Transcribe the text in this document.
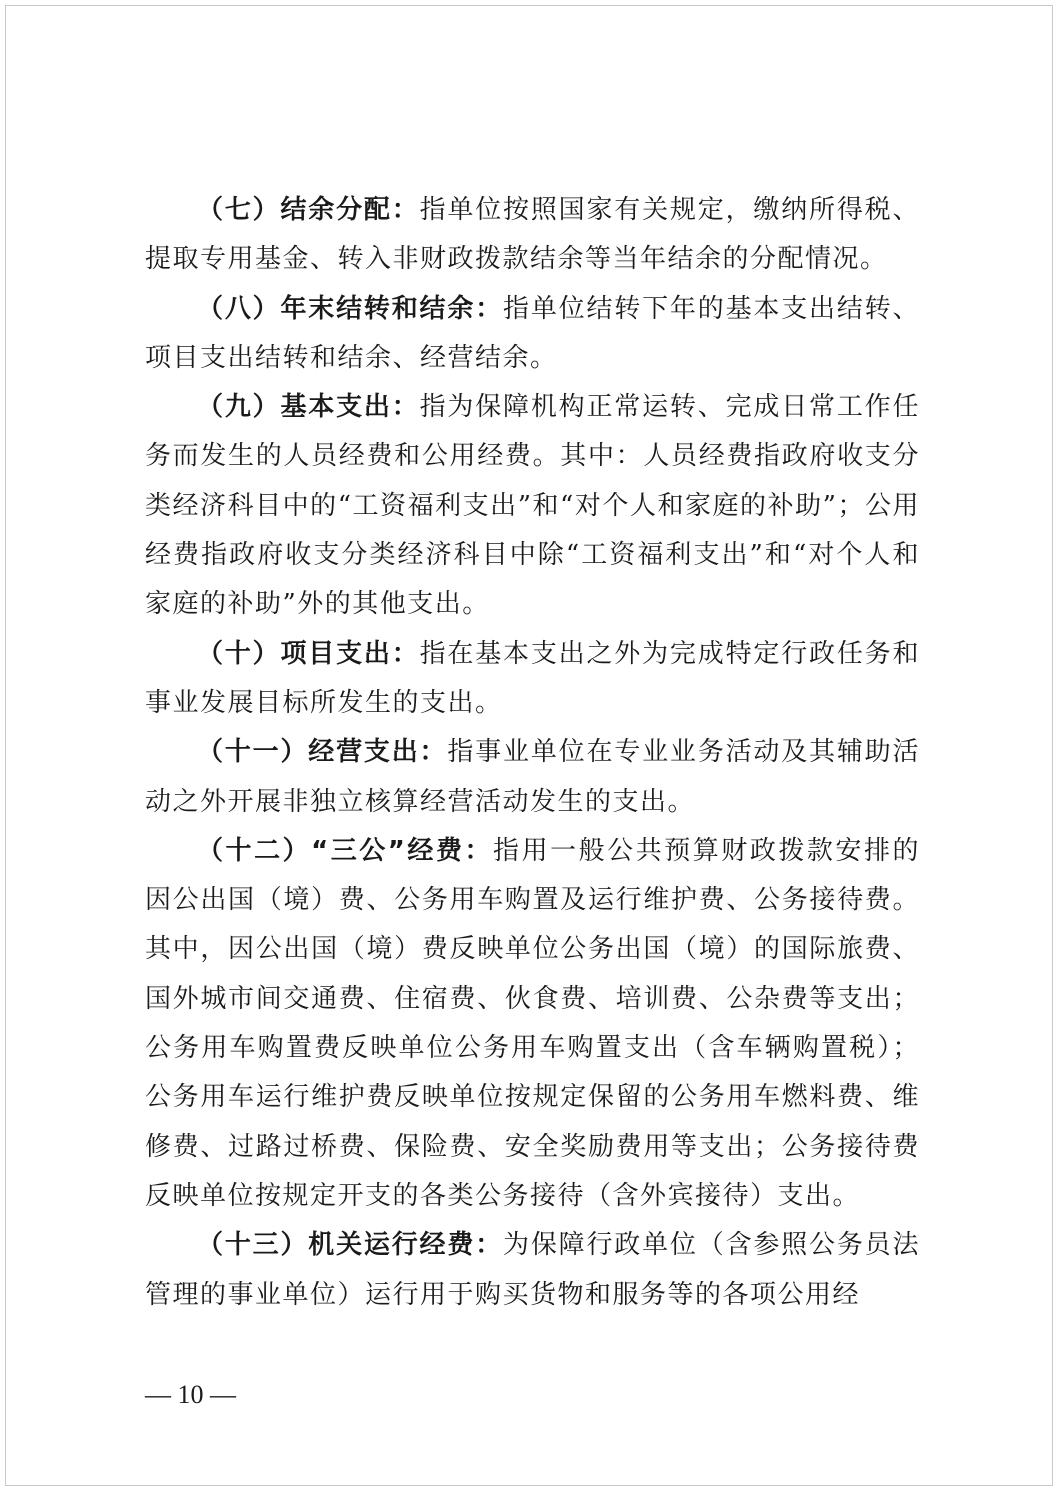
（七）结余分配：指单位按照国家有关规定，缴纳所得税、提取专用基金、转入非财政拨款结余等当年结余的分配情况。

（八）年末结转和结余：指单位结转下年的基本支出结转、项目支出结转和结余、经营结余。

（九）基本支出：指为保障机构正常运转、完成日常工作任务而发生的人员经费和公用经费。其中：人员经费指政府收支分类经济科目中的“工资福利支出”和“对个人和家庭的补助”；公用经费指政府收支分类经济科目中除“工资福利支出”和“对个人和家庭的补助”外的其他支出。

（十）项目支出：指在基本支出之外为完成特定行政任务和事业发展目标所发生的支出。

（十一）经营支出：指事业单位在专业业务活动及其辅助活动之外开展非独立核算经营活动发生的支出。

（十二）“三公”经费：指用一般公共预算财政拨款安排的因公出国（境）费、公务用车购置及运行维护费、公务接待费。其中，因公出国（境）费反映单位公务出国（境）的国际旅费、国外城市间交通费、住宿费、伙食费、培训费、公杂费等支出；公务用车购置费反映单位公务用车购置支出（含车辆购置税）；公务用车运行维护费反映单位按规定保留的公务用车燃料费、维修费、过路过桥费、保险费、安全奖励费用等支出；公务接待费反映单位按规定开支的各类公务接待（含外宾接待）支出。

（十三）机关运行经费：为保障行政单位（含参照公务员法管理的事业单位）运行用于购买货物和服务等的各项公用经

— 10 —
